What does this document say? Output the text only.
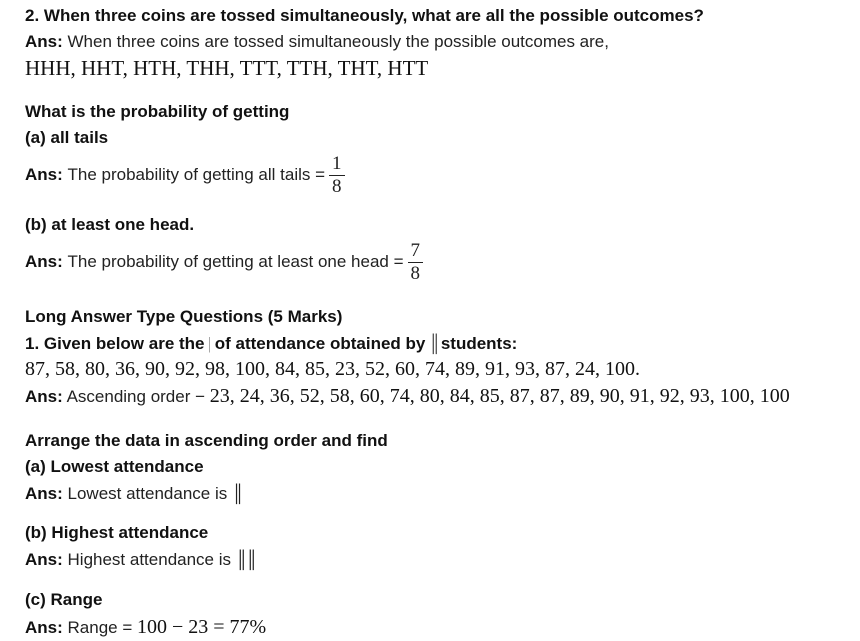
2. When three coins are tossed simultaneously, what are all the possible outcomes?
Ans: When three coins are tossed simultaneously the possible outcomes are,
HHH, HHT, HTH, THH, TTT, TTH, THT, HTT
What is the probability of getting
(a) all tails
Ans:
The probability of getting all tails = $\frac{1}{8}$
(b) at least one head.
Ans:
The probability of getting at least one head = $\frac{7}{8}$
Long Answer Type Questions (5 Marks)
1. Given below are the | of attendance obtained by ║students:
87, 58, 80, 36, 90, 92, 98, 100, 84, 85, 23, 52, 60, 74, 89, 91, 93, 87, 24, 100.
Ans: Ascending order − 23, 24, 36, 52, 58, 60, 74, 80, 84, 85, 87, 87, 89, 90, 91, 92, 93, 100, 100
Arrange the data in ascending order and find
(a) Lowest attendance
Ans: Lowest attendance is ║
(b) Highest attendance
Ans: Highest attendance is ║║
(c) Range
Ans: Range = 100 − 23 = 77%
